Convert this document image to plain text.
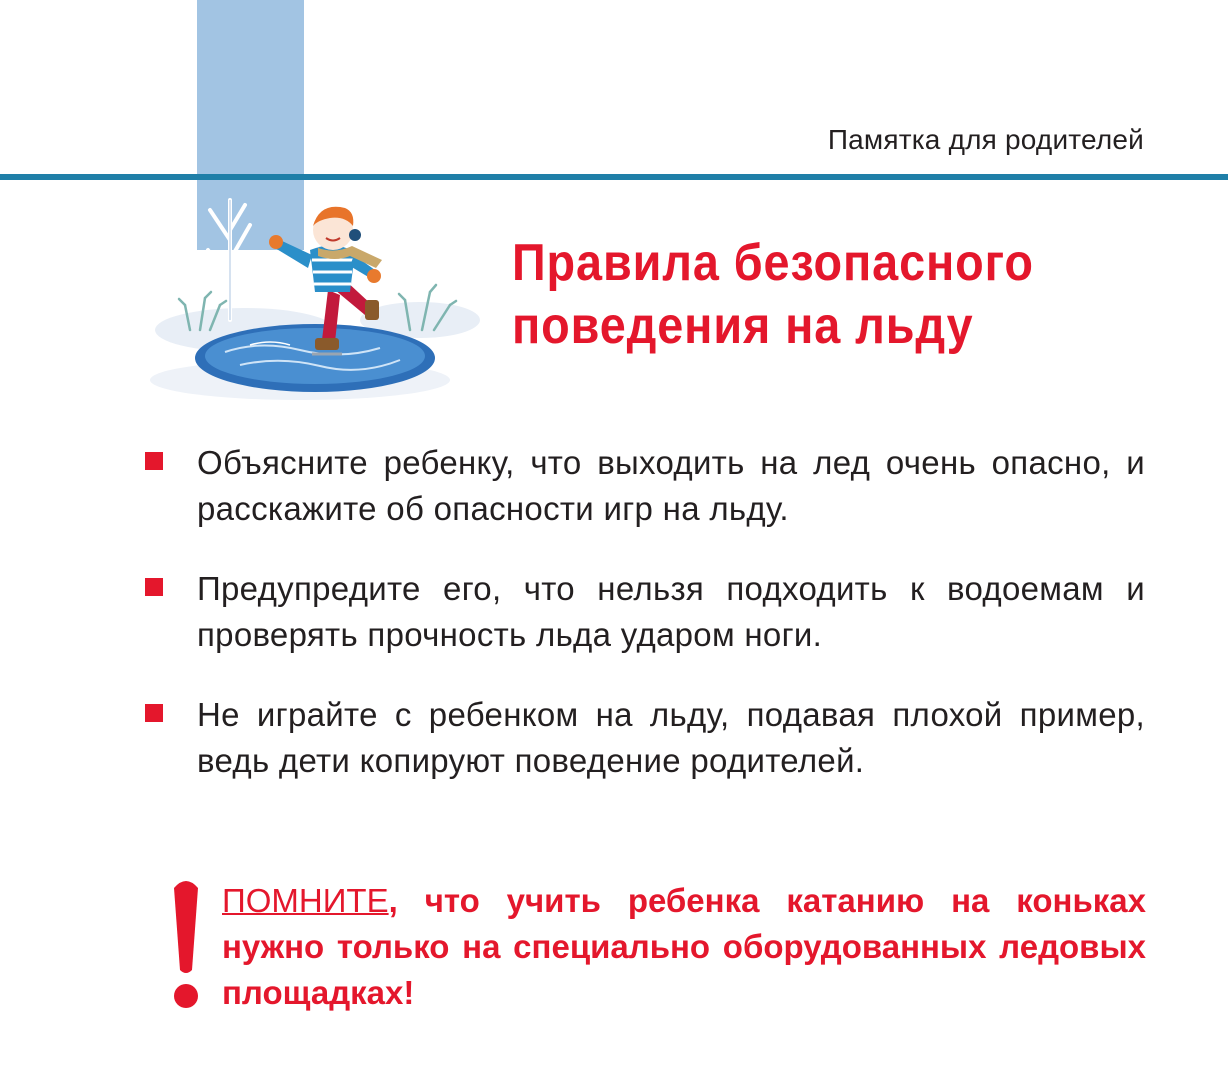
Памятка для родителей
Правила безопасного
поведения на льду
Объясните ребенку, что выходить на лед очень опасно, и расскажите об опасности игр на льду.
Предупредите его, что нельзя подходить к водоемам и проверять прочность льда ударом ноги.
Не играйте с ребенком на льду, подавая плохой пример, ведь дети копируют поведение родителей.
ПОМНИТЕ, что учить ребенка катанию на коньках нужно только на специально оборудованных ледовых площадках!
